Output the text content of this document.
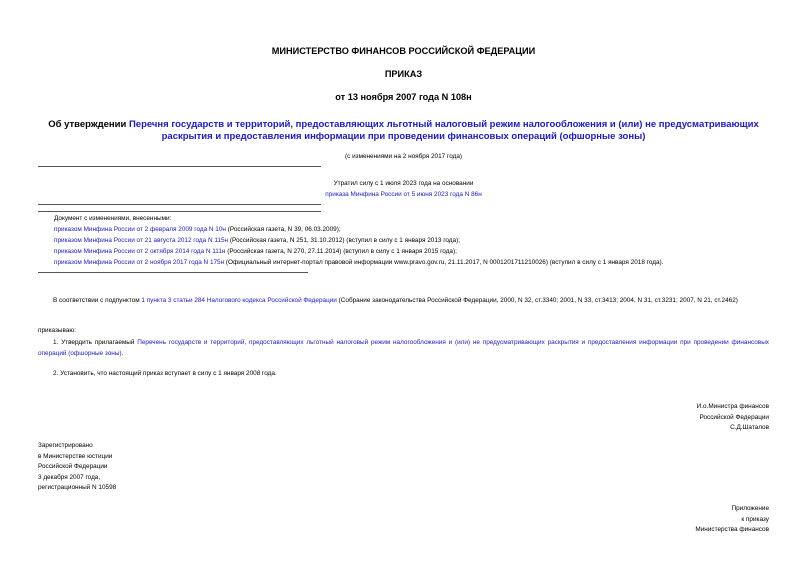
МИНИСТЕРСТВО ФИНАНСОВ РОССИЙСКОЙ ФЕДЕРАЦИИ
ПРИКАЗ
от 13 ноября 2007 года N 108н
Об утверждении Перечня государств и территорий, предоставляющих льготный налоговый режим налогообложения и (или) не предусматривающих раскрытия и предоставления информации при проведении финансовых операций (офшорные зоны)
(с изменениями на 2 ноября 2017 года)
Утратил силу с 1 июля 2023 года на основании
приказа Минфина России от 5 июня 2023 года N 86н
Документ с изменениями, внесенными:
приказом Минфина России от 2 февраля 2009 года N 10н (Российская газета, N 39, 06.03.2009);
приказом Минфина России от 21 августа 2012 года N 115н (Российская газета, N 251, 31.10.2012) (вступил в силу с 1 января 2013 года);
приказом Минфина России от 2 октября 2014 года N 111н (Российская газета, N 270, 27.11.2014) (вступил в силу с 1 января 2015 года);
приказом Минфина России от 2 ноября 2017 года N 175н (Официальный интернет-портал правовой информации www.pravo.gov.ru, 21.11.2017, N 0001201711210026) (вступил в силу с 1 января 2018 года).
В соответствии с подпунктом 1 пункта 3 статьи 284 Налогового кодекса Российской Федерации (Собрание законодательства Российской Федерации, 2000, N 32, ст.3340; 2001, N 33, ст.3413; 2004, N 31, ст.3231; 2007, N 21, ст.2462)
приказываю:
1. Утвердить прилагаемый Перечень государств и территорий, предоставляющих льготный налоговый режим налогообложения и (или) не предусматривающих раскрытия и предоставления информации при проведении финансовых операций (офшорные зоны).
2. Установить, что настоящий приказ вступает в силу с 1 января 2008 года.
И.о.Министра финансов
Российской Федерации
С.Д.Шаталов
Зарегистрировано
в Министерстве юстиции
Российской Федерации
3 декабря 2007 года,
регистрационный N 10598
Приложение
к приказу
Министерства финансов
